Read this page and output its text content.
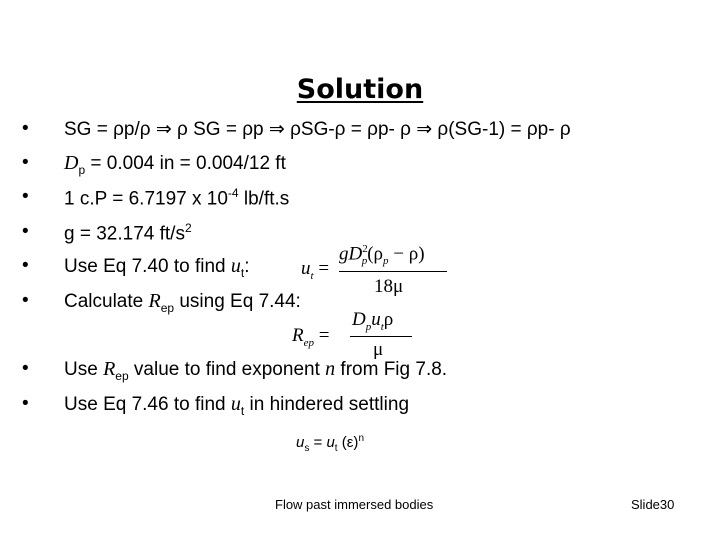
Solution
•
•
•
•
•
•
•
•
SG = ρp/ρ ⇒ ρ SG = ρp ⇒ ρSG-ρ = ρp- ρ ⇒ ρ(SG-1) = ρp- ρ
$D_p = 0.004$ in = 0.004/12 ft
1 c.P = 6.7197 x $10^{-4}$ lb/ft.s
g = 32.174 $ft/s^2$
Use Eq 7.40 to find $u_t$:
Calculate $R_{ep}$ using Eq 7.44:
$u_t$ =
$gD^2_p(\rho_p - \rho)$
18μ
$R_{ep}$ =
$D_pu_t\rho$
μ
Use $R_{ep}$ value to find exponent n from Fig 7.8.
Use Eq 7.46 to find $u_t$ in hindered settling
$u_s = u_t$ $(\varepsilon)^n$
Flow past immersed bodies	Slide30
